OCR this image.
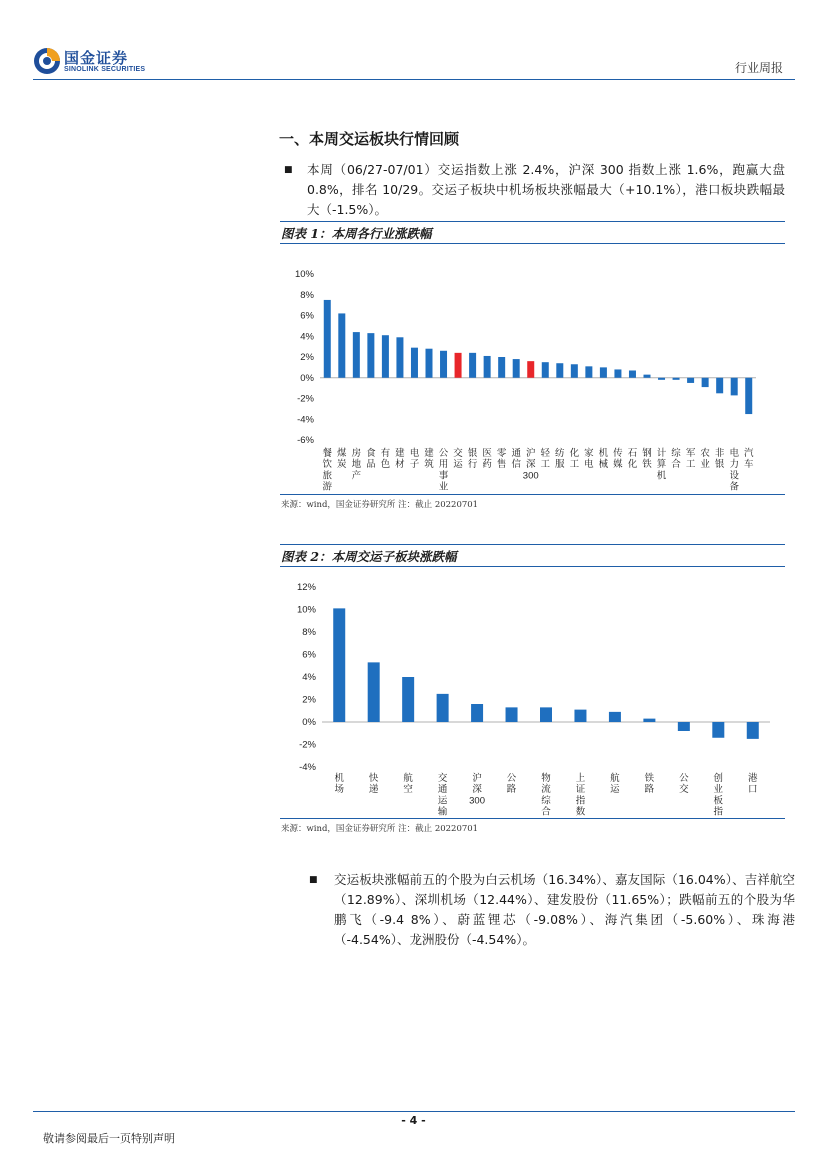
国金证券
SINOLINK SECURITIES	行业周报
一、本周交运板块行情回顾
■ 本周（06/27-07/01）交运指数上涨 2.4%，沪深 300 指数上涨 1.6%，跑赢大盘 0.8%，排名 10/29。交运子板块中机场板块涨幅最大（+10.1%），港口板块跌幅最大（-1.5%）。
图表 1：本周各行业涨跌幅
10%
8%
6%
4%
2%
0%
-2%
-4%
-6%
餐饮旅游
煤炭
房地产
食品
有色
建材
电子
建筑
公用事业
交运
银行
医药
零售
通信
沪深 300
轻工
纺服
化工
家电
机械
传媒
石化
钢铁
计算机
综合
军工
农业
非银
电力设备
汽车
来源：wind，国金证券研究所 注：截止 20220701
图表 2：本周交运子板块涨跌幅
12%
10%
8%
6%
4%
2%
0%
-2%
-4%
机场
快递
航空
交通运输
沪深 300
公路
物流综合
上证指数
航运
铁路
公交
创业板指
港口
来源：wind，国金证券研究所 注：截止 20220701
■ 交运板块涨幅前五的个股为白云机场（16.34%）、嘉友国际（16.04%）、吉祥航空（12.89%）、深圳机场（12.44%）、建发股份（11.65%）；跌幅前五的个股为华鹏飞（-9.4 8%）、蔚蓝锂芯（-9.08%）、海汽集团（-5.60%）、珠海港（-4.54%）、龙洲股份（-4.54%）。
- 4 -
敬请参阅最后一页特别声明
